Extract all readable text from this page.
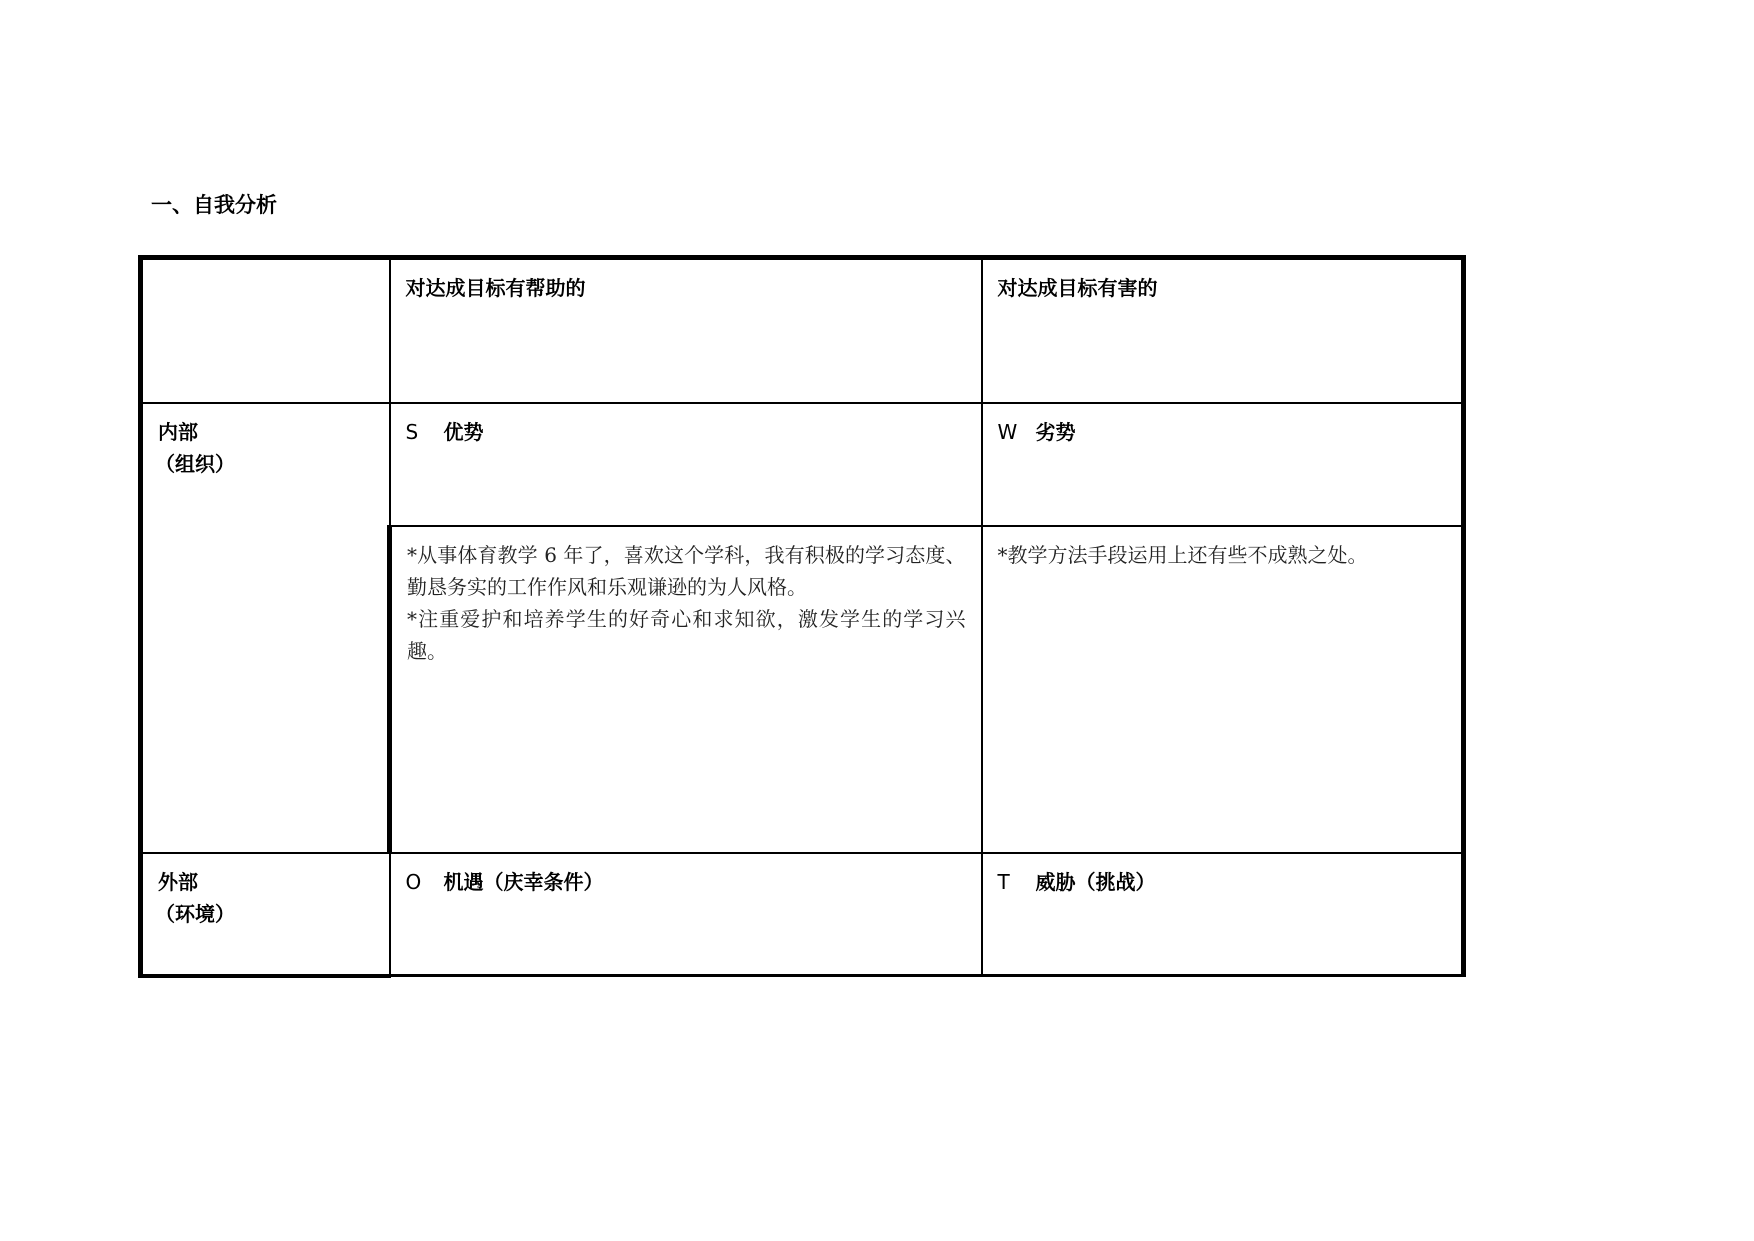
一、自我分析
	对达成目标有帮助的	对达成目标有害的

内部
（组织）	S 优势	W 劣势

	*从事体育教学 6 年了，喜欢这个学科，我有积极的学习态度、勤恳务实的工作作风和乐观谦逊的为人风格。

*注重爱护和培养学生的好奇心和求知欲，激发学生的学习兴趣。	*教学方法手段运用上还有些不成熟之处。

外部
（环境）	O 机遇（庆幸条件）	T 威胁（挑战）
